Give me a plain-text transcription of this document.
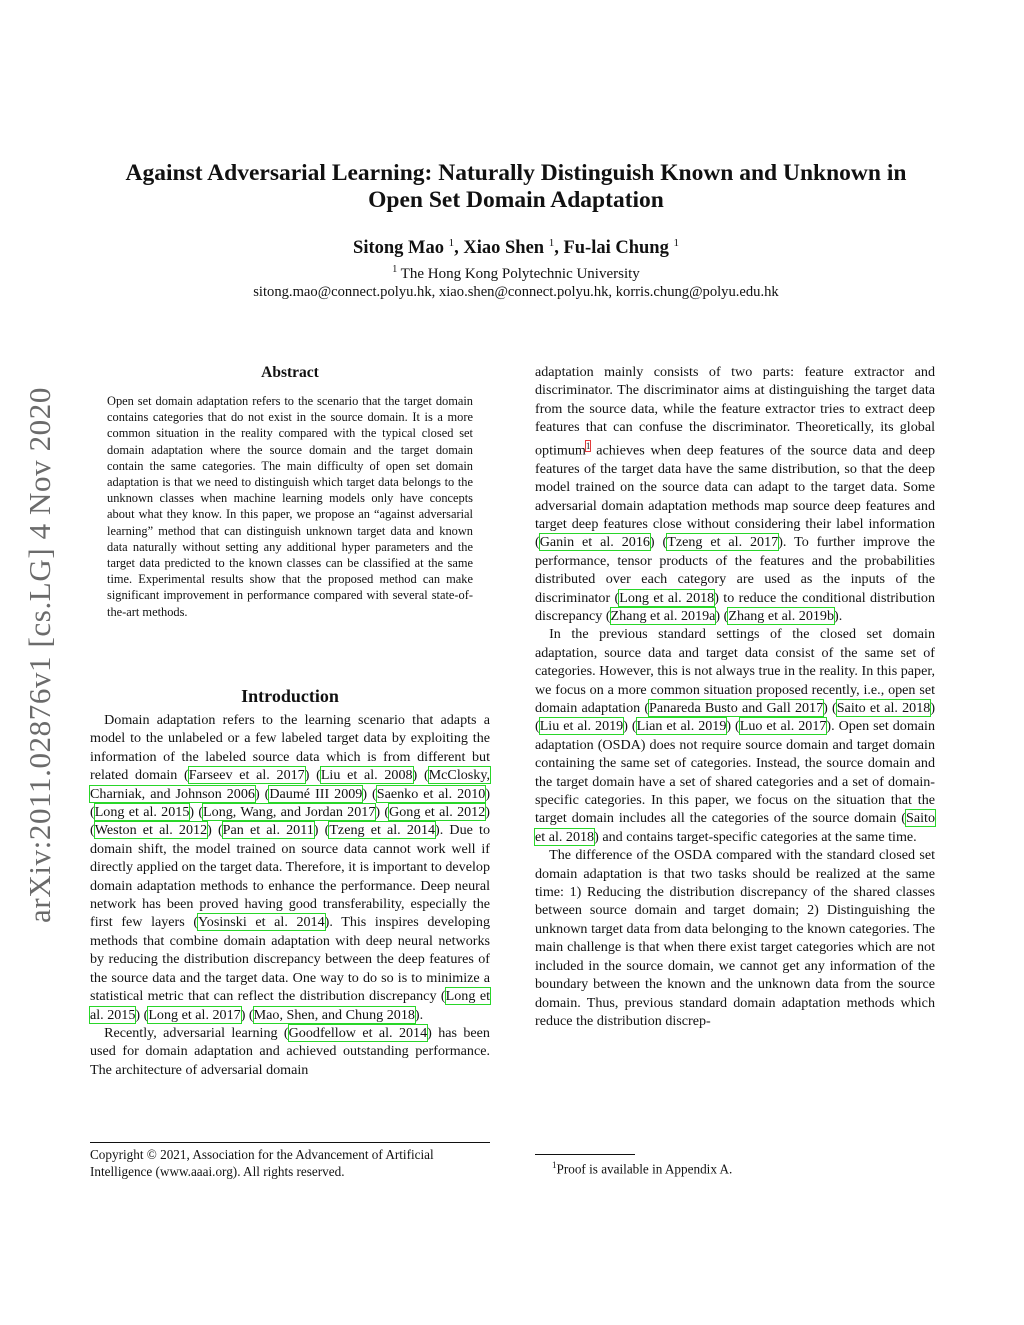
arXiv:2011.02876v1 [cs.LG] 4 Nov 2020
Against Adversarial Learning: Naturally Distinguish Known and Unknown in
Open Set Domain Adaptation
Sitong Mao $^1$, Xiao Shen $^1$, Fu-lai Chung $^1$
$^1$ The Hong Kong Polytechnic University
sitong.mao@connect.polyu.hk, xiao.shen@connect.polyu.hk, korris.chung@polyu.edu.hk
Abstract

Open set domain adaptation refers to the scenario that the target domain contains categories that do not exist in the source domain. It is a more common situation in the reality compared with the typical closed set domain adaptation where the source domain and the target domain contain the same categories. The main difficulty of open set domain adaptation is that we need to distinguish which target data belongs to the unknown classes when machine learning models only have concepts about what they know. In this paper, we propose an “against adversarial learning” method that can distinguish unknown target data and known data naturally without setting any additional hyper parameters and the target data predicted to the known classes can be classified at the same time. Experimental results show that the proposed method can make significant improvement in performance compared with several state-of-the-art methods.

Introduction

Domain adaptation refers to the learning scenario that adapts a model to the unlabeled or a few labeled target data by exploiting the information of the labeled source data which is from different but related domain (Farseev et al. 2017) (Liu et al. 2008) (McClosky, Charniak, and Johnson 2006) (Daumé III 2009) (Saenko et al. 2010) (Long et al. 2015) (Long, Wang, and Jordan 2017) (Gong et al. 2012) (Weston et al. 2012) (Pan et al. 2011) (Tzeng et al. 2014). Due to domain shift, the model trained on source data cannot work well if directly applied on the target data. Therefore, it is important to develop domain adaptation methods to enhance the performance. Deep neural network has been proved having good transferability, especially the first few layers (Yosinski et al. 2014). This inspires developing methods that combine domain adaptation with deep neural networks by reducing the distribution discrepancy between the deep features of the source data and the target data. One way to do so is to minimize a statistical metric that can reflect the distribution discrepancy (Long et al. 2015) (Long et al. 2017) (Mao, Shen, and Chung 2018).

Recently, adversarial learning (Goodfellow et al. 2014) has been used for domain adaptation and achieved outstanding performance. The architecture of adversarial domain

Copyright © 2021, Association for the Advancement of Artificial Intelligence (www.aaai.org). All rights reserved.

adaptation mainly consists of two parts: feature extractor and discriminator. The discriminator aims at distinguishing the target data from the source data, while the feature extractor tries to extract deep features that can confuse the discriminator. Theoretically, its global optimum$^1$ achieves when deep features of the source data and deep features of the target data have the same distribution, so that the deep model trained on the source data can adapt to the target data. Some adversarial domain adaptation methods map source deep features and target deep features close without considering their label information (Ganin et al. 2016) (Tzeng et al. 2017). To further improve the performance, tensor products of the features and the probabilities distributed over each category are used as the inputs of the discriminator (Long et al. 2018) to reduce the conditional distribution discrepancy (Zhang et al. 2019a) (Zhang et al. 2019b).

In the previous standard settings of the closed set domain adaptation, source data and target data consist of the same set of categories. However, this is not always true in the reality. In this paper, we focus on a more common situation proposed recently, i.e., open set domain adaptation (Panareda Busto and Gall 2017) (Saito et al. 2018) (Liu et al. 2019) (Lian et al. 2019) (Luo et al. 2017). Open set domain adaptation (OSDA) does not require source domain and target domain containing the same set of categories. Instead, the source domain and the target domain have a set of shared categories and a set of domain-specific categories. In this paper, we focus on the situation that the target domain includes all the categories of the source domain (Saito et al. 2018) and contains target-specific categories at the same time.

The difference of the OSDA compared with the standard closed set domain adaptation is that two tasks should be realized at the same time: 1) Reducing the distribution discrepancy of the shared classes between source domain and target domain; 2) Distinguishing the unknown target data from data belonging to the known categories. The main challenge is that when there exist target categories which are not included in the source domain, we cannot get any information of the boundary between the known and the unknown data from the source domain. Thus, previous standard domain adaptation methods which reduce the distribution discrep-

$^1$Proof is available in Appendix A.
